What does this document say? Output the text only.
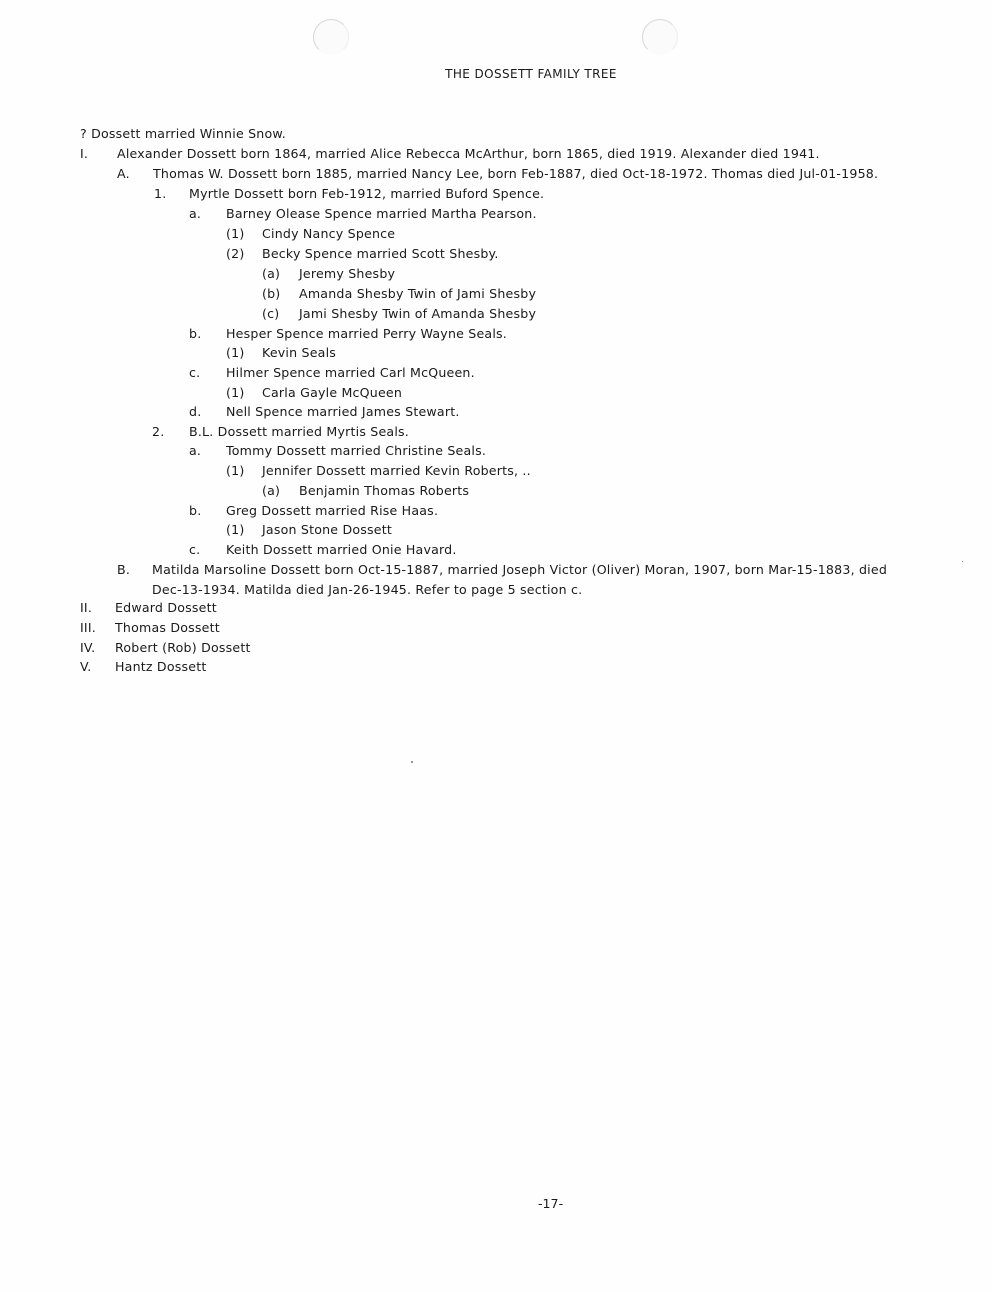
THE DOSSETT FAMILY TREE
? Dossett married Winnie Snow.
I. Alexander Dossett born 1864, married Alice Rebecca McArthur, born 1865, died 1919. Alexander died 1941.
A. Thomas W. Dossett born 1885, married Nancy Lee, born Feb-1887, died Oct-18-1972. Thomas died Jul-01-1958.
1. Myrtle Dossett born Feb-1912, married Buford Spence.
a. Barney Olease Spence married Martha Pearson.
(1) Cindy Nancy Spence
(2) Becky Spence married Scott Shesby.
(a) Jeremy Shesby
(b) Amanda Shesby Twin of Jami Shesby
(c) Jami Shesby Twin of Amanda Shesby
b. Hesper Spence married Perry Wayne Seals.
(1) Kevin Seals
c. Hilmer Spence married Carl McQueen.
(1) Carla Gayle McQueen
d. Nell Spence married James Stewart.
2. B.L. Dossett married Myrtis Seals.
a. Tommy Dossett married Christine Seals.
(1) Jennifer Dossett married Kevin Roberts, ..
(a) Benjamin Thomas Roberts
b. Greg Dossett married Rise Haas.
(1) Jason Stone Dossett
c. Keith Dossett married Onie Havard.
B. Matilda Marsoline Dossett born Oct-15-1887, married Joseph Victor (Oliver) Moran, 1907, born Mar-15-1883, died
Dec-13-1934. Matilda died Jan-26-1945. Refer to page 5 section c.
II. Edward Dossett
III. Thomas Dossett
IV. Robert (Rob) Dossett
V. Hantz Dossett
-17-
